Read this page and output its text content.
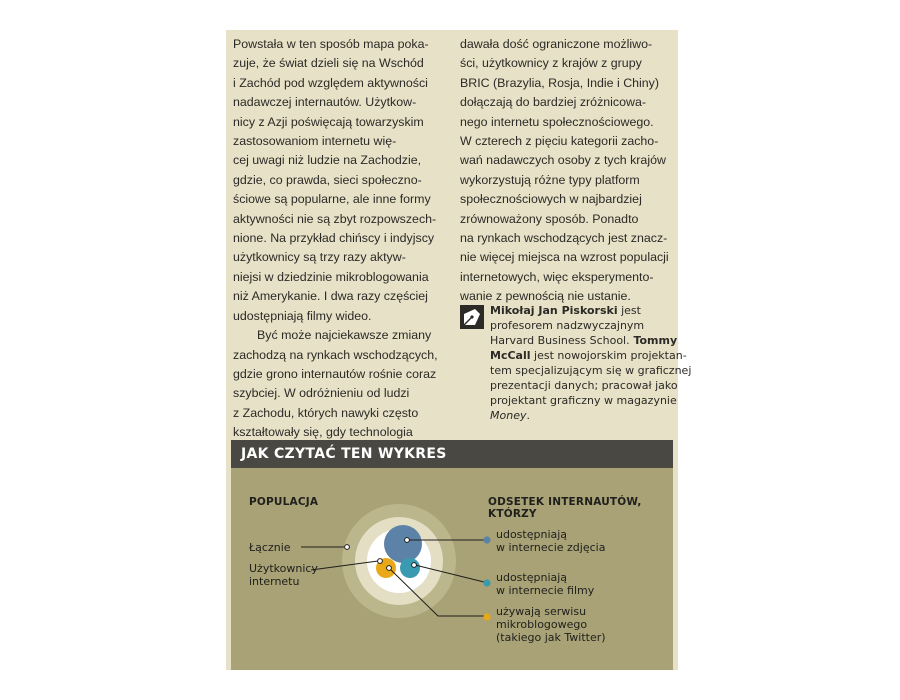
Powstała w ten sposób mapa poka-
zuje, że świat dzieli się na Wschód
i Zachód pod względem aktywności
nadawczej internautów. Użytkow-
nicy z Azji poświęcają towarzyskim
zastosowaniom internetu wię-
cej uwagi niż ludzie na Zachodzie,
gdzie, co prawda, sieci społeczno-
ściowe są popularne, ale inne formy
aktywności nie są zbyt rozpowszech-
nione. Na przykład chińscy i indyjscy
użytkownicy są trzy razy aktyw-
niejsi w dziedzinie mikroblogowania
niż Amerykanie. I dwa razy częściej
udostępniają filmy wideo.
Być może najciekawsze zmiany
zachodzą na rynkach wschodzących,
gdzie grono internautów rośnie coraz
szybciej. W odróżnieniu od ludzi
z Zachodu, których nawyki często
kształtowały się, gdy technologia
dawała dość ograniczone możliwo-
ści, użytkownicy z krajów z grupy
BRIC (Brazylia, Rosja, Indie i Chiny)
dołączają do bardziej zróżnicowa-
nego internetu społecznościowego.
W czterech z pięciu kategorii zacho-
wań nadawczych osoby z tych krajów
wykorzystują różne typy platform
społecznościowych w najbardziej
zrównoważony sposób. Ponadto
na rynkach wschodzących jest znacz-
nie więcej miejsca na wzrost populacji
internetowych, więc eksperymento-
wanie z pewnością nie ustanie.
Mikołaj Jan Piskorski jest
profesorem nadzwyczajnym
Harvard Business School. Tommy
McCall jest nowojorskim projektan-
tem specjalizującym się w graficznej
prezentacji danych; pracował jako
projektant graficzny w magazynie
Money.
JAK CZYTAĆ TEN WYKRES
POPULACJA
Łącznie
Użytkownicy
internetu
ODSETEK INTERNAUTÓW,
KTÓRZY
udostępniają
w internecie zdjęcia
udostępniają
w internecie filmy
używają serwisu
mikroblogowego
(takiego jak Twitter)
